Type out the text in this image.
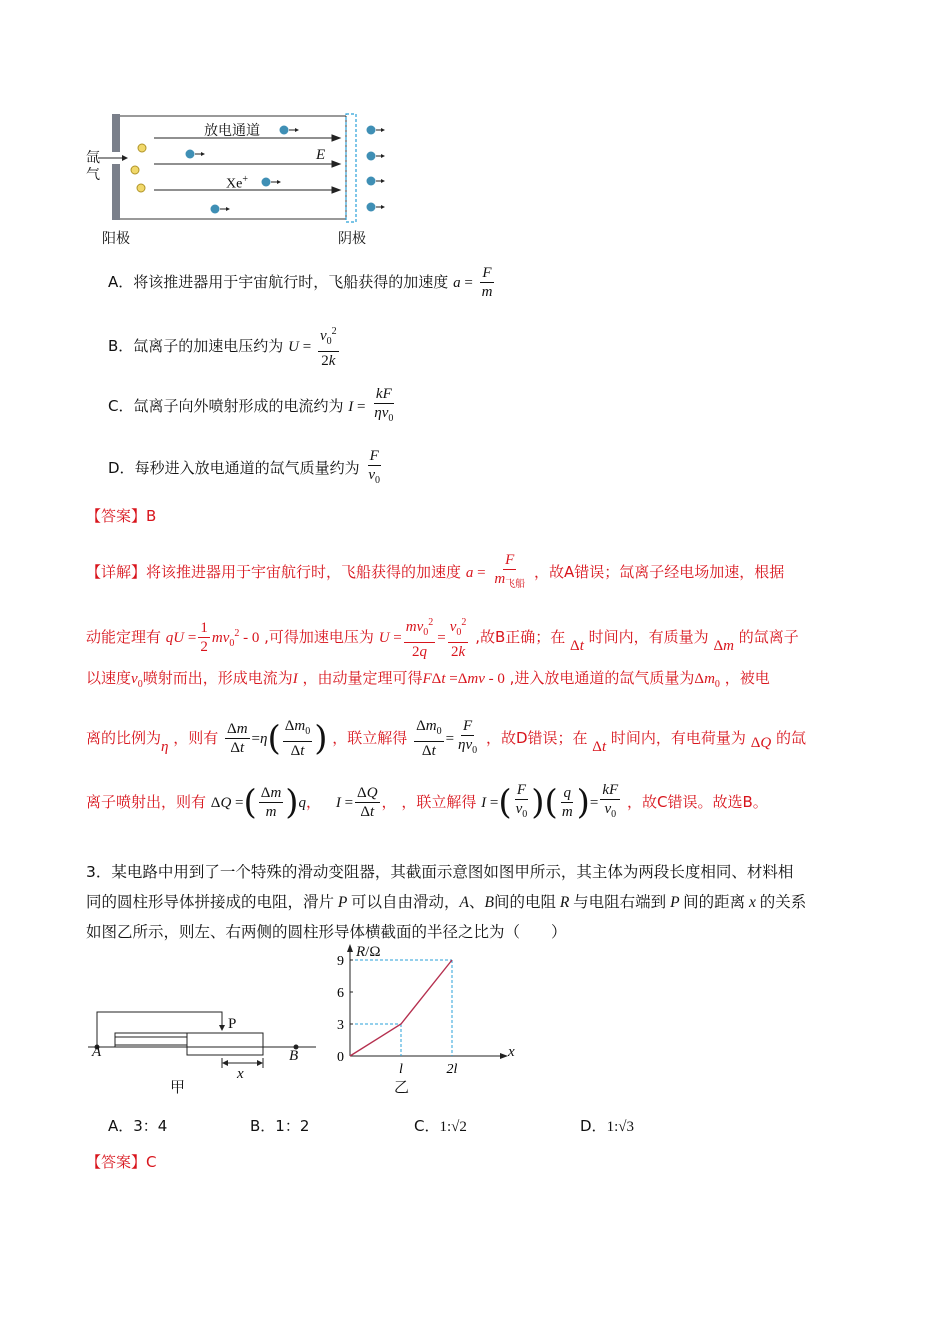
放电通道
氙气
E
Xe+
阳极	阴极
A．将该推进器用于宇宙航行时，飞船获得的加速度 $a = \frac{F}{m}$
B．氙离子的加速电压约为 $U = \frac{v_0^2}{2k}$
C．氙离子向外喷射形成的电流约为 $I = \frac{kF}{\eta v_0}$
D．每秒进入放电通道的氙气质量约为 $\frac{F}{v_0}$
【答案】B
【详解】将该推进器用于宇宙航行时，飞船获得的加速度 $a = \frac{F}{m_{飞船}}$ ，故A错误；氙离子经电场加速，根据
动能定理有 qU = $\frac{1}{2} mv_0^2 - 0$ ,可得加速电压为 $U = \frac{mv_0^2}{2q} = \frac{v_0^2}{2k}$ ,故B正确；在 Δt 时间内，有质量为 Δm 的氙离子
以速度$v_0$喷射而出，形成电流为I ，由动量定理可得FΔt =Δmv - 0 ,进入放电通道的氙气质量为$\Delta m_0$ ，被电
离的比例为η ，则有 $\frac{\Delta m}{\Delta t} =\eta( \frac{\Delta m_0}{\Delta t}$ ) ，联立解得 $\frac{\Delta m_0}{\Delta t} = \frac{F}{\eta v_0}$ ，故D错误；在 Δt 时间内，有电荷量为 ΔQ 的氙
离子喷射出，则有 ΔQ =( $\frac{\Delta m}{m} )q$， $I = \frac{\Delta Q}{\Delta t}$ ， ，联立解得 I =( $\frac{F}{v_0}$ )( $\frac{q}{m}$ )= $\frac{kF}{v_0}$ ，故C错误。故选B。
3．某电路中用到了一个特殊的滑动变阻器，其截面示意图如图甲所示，其主体为两段长度相同、材料相
同的圆柱形导体拼接成的电阻，滑片 P 可以自由滑动，A、B间的电阻 R 与电阻右端到 P 间的距离 x 的关系
如图乙所示，则左、右两侧的圆柱形导体横截面的半径之比为（　　）
P
A	B
x
甲
9
6
3
0
l	2l
R/Ω
x
乙
A．3：4	B．1：2	C．1:√2	D．1:√3
【答案】C
